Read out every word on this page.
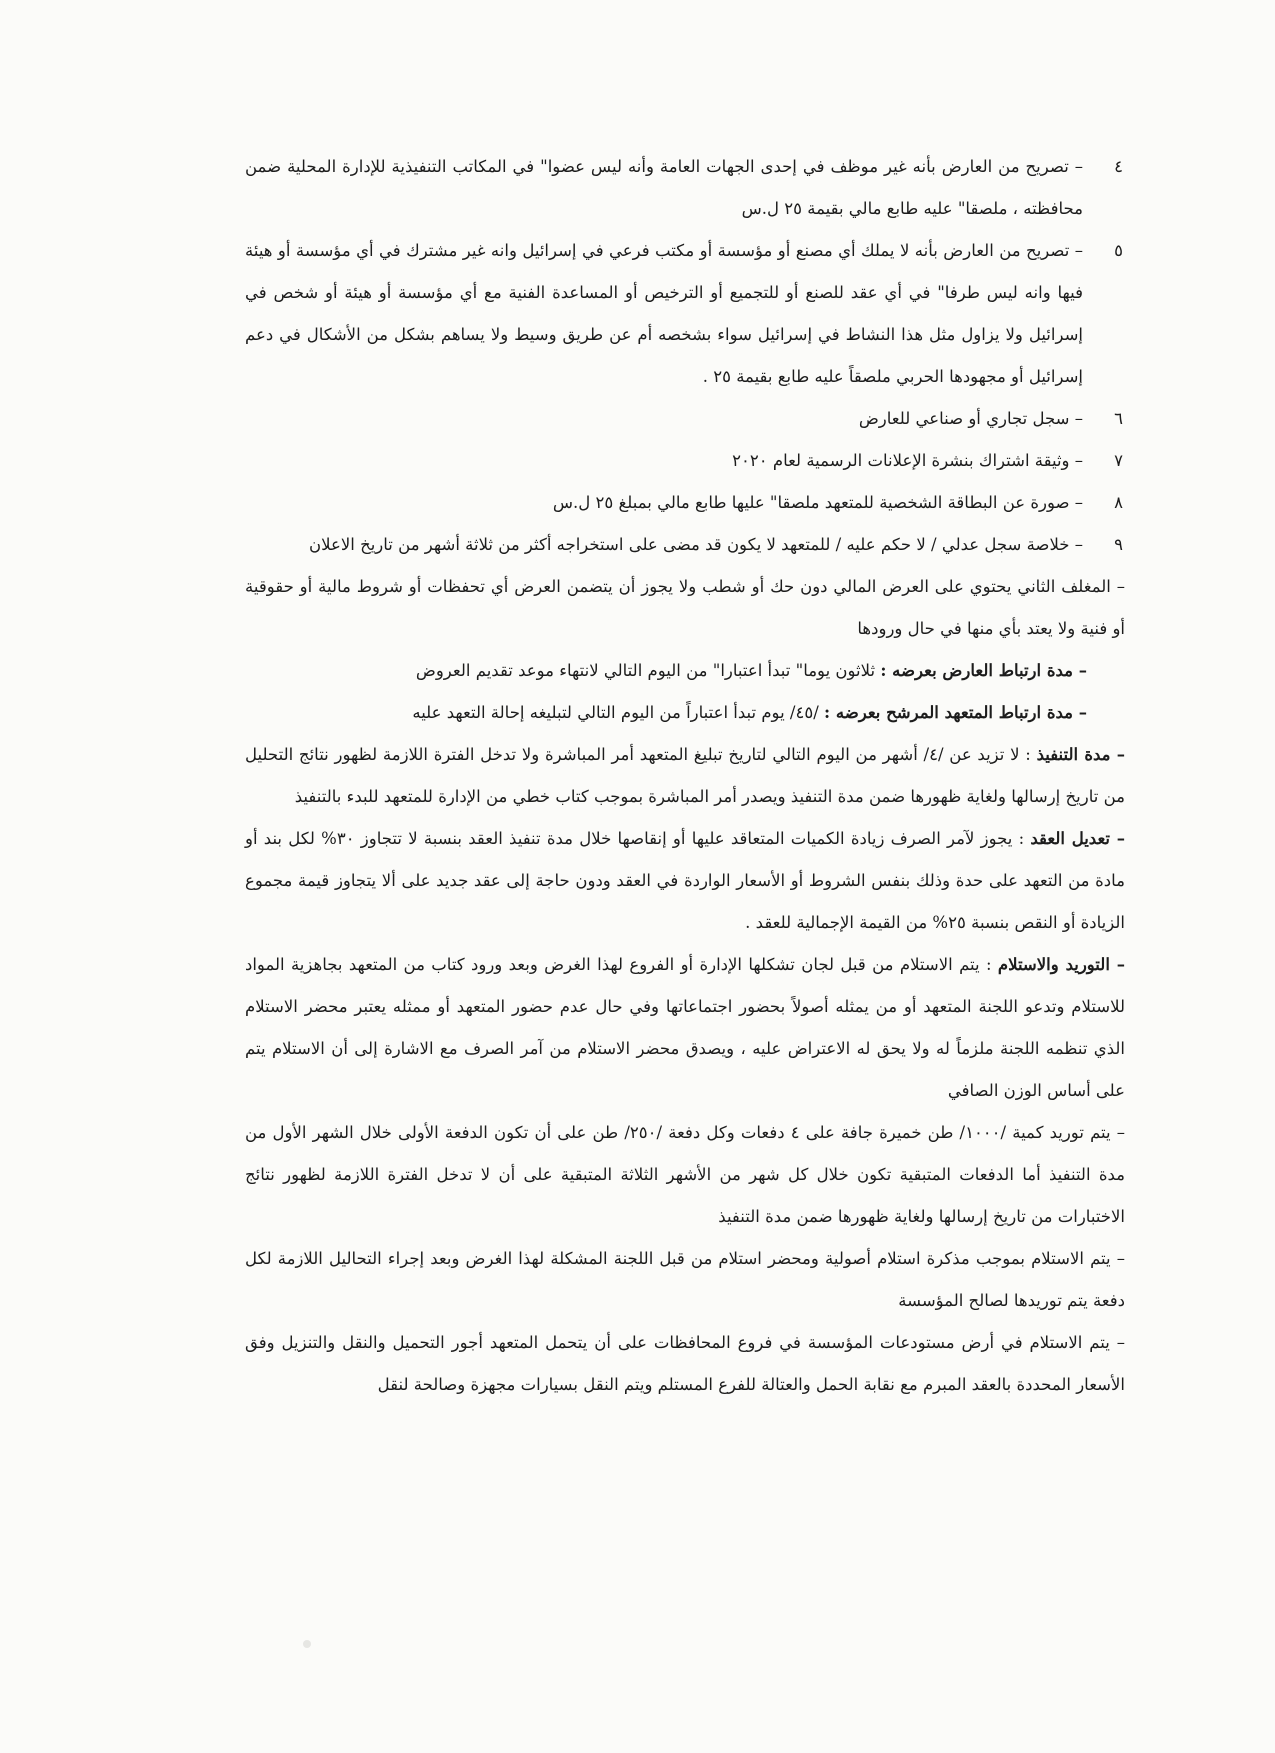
٤
– تصريح من العارض بأنه غير موظف في إحدى الجهات العامة وأنه ليس عضوا" في المكاتب التنفيذية للإدارة المحلية ضمن محافظته ، ملصقا" عليه طابع مالي بقيمة ٢٥ ل.س
٥
– تصريح من العارض بأنه لا يملك أي مصنع أو مؤسسة أو مكتب فرعي في إسرائيل وانه غير مشترك في أي مؤسسة أو هيئة فيها وانه ليس طرفا" في أي عقد للصنع أو للتجميع أو الترخيص أو المساعدة الفنية مع أي مؤسسة أو هيئة أو شخص في إسرائيل ولا يزاول مثل هذا النشاط في إسرائيل سواء بشخصه أم عن طريق وسيط ولا يساهم بشكل من الأشكال في دعم إسرائيل أو مجهودها الحربي ملصقاً عليه طابع بقيمة ٢٥ .
٦
– سجل تجاري أو صناعي للعارض
٧
– وثيقة اشتراك بنشرة الإعلانات الرسمية لعام ٢٠٢٠
٨
– صورة عن البطاقة الشخصية للمتعهد ملصقا" عليها طابع مالي بمبلغ ٢٥ ل.س
٩
– خلاصة سجل عدلي / لا حكم عليه / للمتعهد لا يكون قد مضى على استخراجه أكثر من ثلاثة أشهر من تاريخ الاعلان

– المغلف الثاني يحتوي على العرض المالي دون حك أو شطب ولا يجوز أن يتضمن العرض أي تحفظات أو شروط مالية أو حقوقية أو فنية ولا يعتد بأي منها في حال ورودها

– مدة ارتباط العارض بعرضه : ثلاثون يوما" تبدأ اعتبارا" من اليوم التالي لانتهاء موعد تقديم العروض

– مدة ارتباط المتعهد المرشح بعرضه : /٤٥/ يوم تبدأ اعتباراً من اليوم التالي لتبليغه إحالة التعهد عليه

– مدة التنفيذ : لا تزيد عن /٤/ أشهر من اليوم التالي لتاريخ تبليغ المتعهد أمر المباشرة ولا تدخل الفترة اللازمة لظهور نتائج التحليل من تاريخ إرسالها ولغاية ظهورها ضمن مدة التنفيذ ويصدر أمر المباشرة بموجب كتاب خطي من الإدارة للمتعهد للبدء بالتنفيذ

– تعديل العقد : يجوز لآمر الصرف زيادة الكميات المتعاقد عليها أو إنقاصها خلال مدة تنفيذ العقد بنسبة لا تتجاوز ٣٠% لكل بند أو مادة من التعهد على حدة وذلك بنفس الشروط أو الأسعار الواردة في العقد ودون حاجة إلى عقد جديد على ألا يتجاوز قيمة مجموع الزيادة أو النقص بنسبة ٢٥% من القيمة الإجمالية للعقد .

– التوريد والاستلام : يتم الاستلام من قبل لجان تشكلها الإدارة أو الفروع لهذا الغرض وبعد ورود كتاب من المتعهد بجاهزية المواد للاستلام وتدعو اللجنة المتعهد أو من يمثله أصولاً بحضور اجتماعاتها وفي حال عدم حضور المتعهد أو ممثله يعتبر محضر الاستلام الذي تنظمه اللجنة ملزماً له ولا يحق له الاعتراض عليه ، ويصدق محضر الاستلام من آمر الصرف مع الاشارة إلى أن الاستلام يتم على أساس الوزن الصافي

– يتم توريد كمية /١٠٠٠/ طن خميرة جافة على ٤ دفعات وكل دفعة /٢٥٠/ طن على أن تكون الدفعة الأولى خلال الشهر الأول من مدة التنفيذ أما الدفعات المتبقية تكون خلال كل شهر من الأشهر الثلاثة المتبقية على أن لا تدخل الفترة اللازمة لظهور نتائج الاختبارات من تاريخ إرسالها ولغاية ظهورها ضمن مدة التنفيذ

– يتم الاستلام بموجب مذكرة استلام أصولية ومحضر استلام من قبل اللجنة المشكلة لهذا الغرض وبعد إجراء التحاليل اللازمة لكل دفعة يتم توريدها لصالح المؤسسة

– يتم الاستلام في أرض مستودعات المؤسسة في فروع المحافظات على أن يتحمل المتعهد أجور التحميل والنقل والتنزيل وفق الأسعار المحددة بالعقد المبرم مع نقابة الحمل والعتالة للفرع المستلم ويتم النقل بسيارات مجهزة وصالحة لنقل
